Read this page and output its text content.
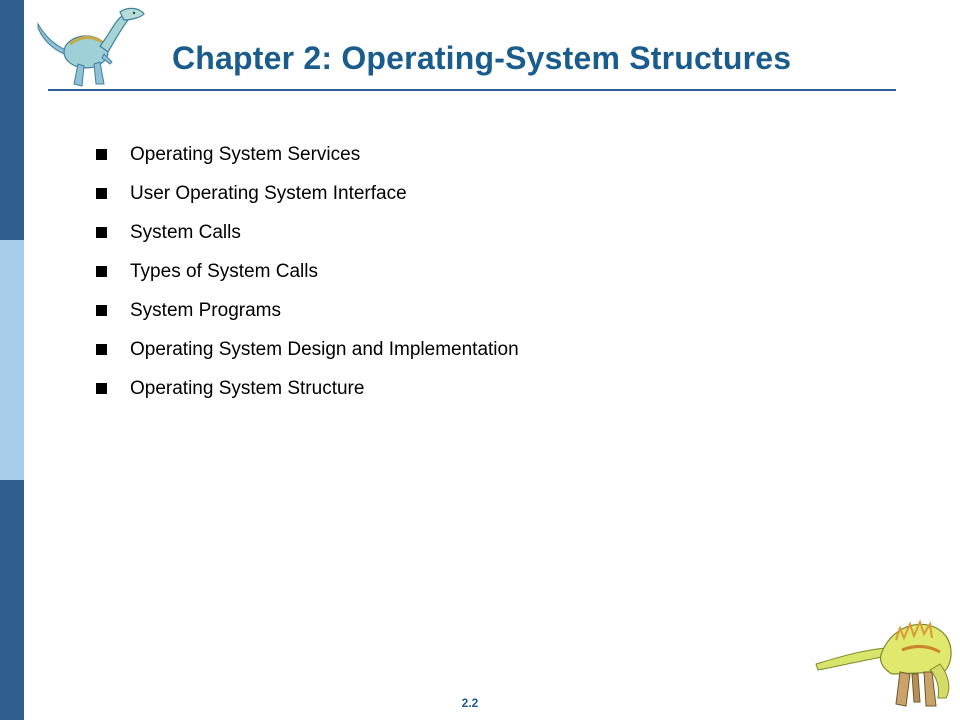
Chapter 2: Operating-System Structures
Operating System Services
User Operating System Interface
System Calls
Types of System Calls
System Programs
Operating System Design and Implementation
Operating System Structure
2.2
